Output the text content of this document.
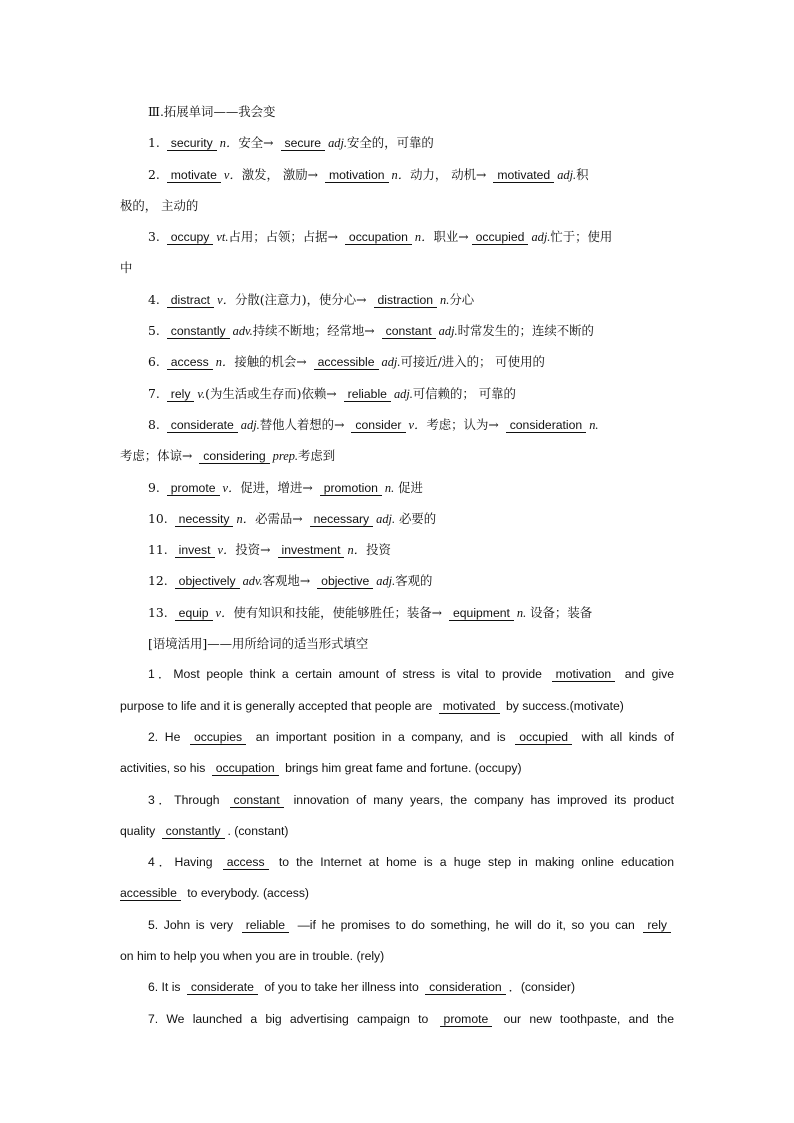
Ⅲ.拓展单词——我会变
1. security n．安全→ secure adj.安全的，可靠的
2. motivate v．激发， 激励→ motivation n．动力， 动机→ motivated adj.积
极的， 主动的
3. occupy vt.占用；占领；占据→ occupation n．职业→ occupied adj.忙于；使用
中
4. distract v．分散(注意力)，使分心→ distraction n.分心
5. constantly adv.持续不断地；经常地→ constant adj.时常发生的；连续不断的
6. access n．接触的机会→ accessible adj.可接近/进入的； 可使用的
7. rely v.(为生活或生存而)依赖→ reliable adj.可信赖的； 可靠的
8. considerate adj.替他人着想的→ consider v．考虑；认为→ consideration n.
考虑；体谅→ considering prep.考虑到
9. promote v．促进，增进→ promotion n. 促进
10. necessity n．必需品→ necessary adj. 必要的
11. invest v．投资→ investment n．投资
12. objectively adv.客观地→ objective adj.客观的
13. equip v．使有知识和技能，使能够胜任；装备→ equipment n. 设备；装备
[语境活用]——用所给词的适当形式填空
1．Most people think a certain amount of stress is vital to provide motivation and give
purpose to life and it is generally accepted that people are motivated by success.(motivate)
2. He occupies an important position in a company, and is occupied with all kinds of
activities, so his occupation brings him great fame and fortune. (occupy)
3．Through constant innovation of many years, the company has improved its product
quality constantly . (constant)
4．Having access to the Internet at home is a huge step in making online education
accessible to everybody. (access)
5. John is very reliable —if he promises to do something, he will do it, so you can rely
on him to help you when you are in trouble. (rely)
6. It is considerate of you to take her illness into consideration ．(consider)
7. We launched a big advertising campaign to promote our new toothpaste, and the
